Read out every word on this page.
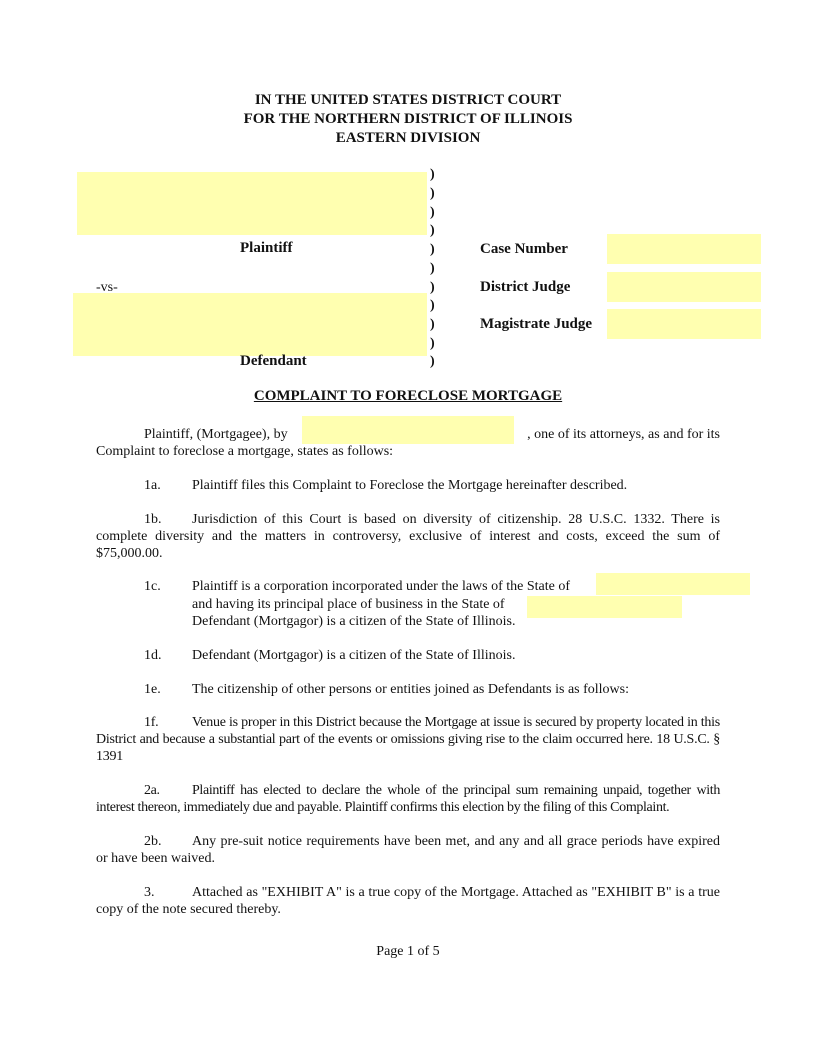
IN THE UNITED STATES DISTRICT COURT
FOR THE NORTHERN DISTRICT OF ILLINOIS
EASTERN DIVISION
)
)
)
)
)
)
)
)
)
)
)
Plaintiff
-vs-
Defendant
Case Number
District Judge
Magistrate Judge
COMPLAINT TO FORECLOSE MORTGAGE
Plaintiff, (Mortgagee), by	, one of its attorneys, as and for its
Complaint to foreclose a mortgage, states as follows:
1a. Plaintiff files this Complaint to Foreclose the Mortgage hereinafter described.
1b. Jurisdiction of this Court is based on diversity of citizenship. 28 U.S.C. 1332. There is complete diversity and the matters in controversy, exclusive of interest and costs, exceed the sum of $75,000.00.
1c. Plaintiff is a corporation incorporated under the laws of the State of
and having its principal place of business in the State of
Defendant (Mortgagor) is a citizen of the State of Illinois.
1d. Defendant (Mortgagor) is a citizen of the State of Illinois.
1e. The citizenship of other persons or entities joined as Defendants is as follows:
1f. Venue is proper in this District because the Mortgage at issue is secured by property located in this District and because a substantial part of the events or omissions giving rise to the claim occurred here. 18 U.S.C. § 1391
2a. Plaintiff has elected to declare the whole of the principal sum remaining unpaid, together with interest thereon, immediately due and payable. Plaintiff confirms this election by the filing of this Complaint.
2b. Any pre-suit notice requirements have been met, and any and all grace periods have expired or have been waived.
3.	Attached as "EXHIBIT A" is a true copy of the Mortgage. Attached as "EXHIBIT B" is a true copy of the note secured thereby.
Page 1 of 5
